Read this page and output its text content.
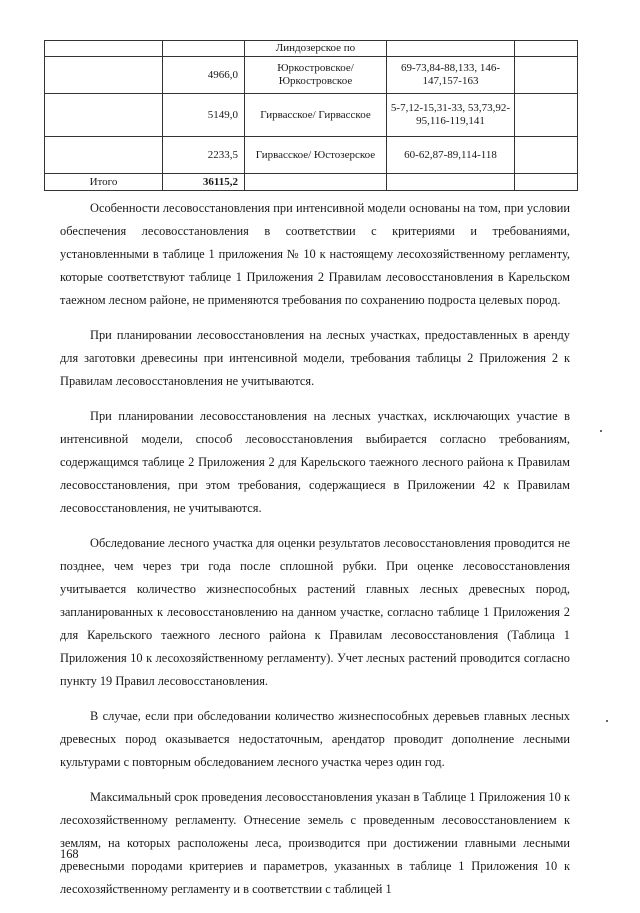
		Линдозерское по		
	4966,0	Юркостровское/ Юркостровское	69-73,84-88,133, 146-147,157-163	
	5149,0	Гирвасское/ Гирвасское	5-7,12-15,31-33, 53,73,92-95,116-119,141	
	2233,5	Гирвасское/ Юстозерское	60-62,87-89,114-118	
Итого	36115,2			

Особенности лесовосстановления при интенсивной модели основаны на том, при условии обеспечения лесовосстановления в соответствии с критериями и требованиями, установленными в таблице 1 приложения № 10 к настоящему лесохозяйственному регламенту, которые соответствуют таблице 1 Приложения 2 Правилам лесовосстановления в Карельском таежном лесном районе, не применяются требования по сохранению подроста целевых пород.

При планировании лесовосстановления на лесных участках, предоставленных в аренду для заготовки древесины при интенсивной модели, требования таблицы 2 Приложения 2 к Правилам лесовосстановления не учитываются.

При планировании лесовосстановления на лесных участках, исключающих участие в интенсивной модели, способ лесовосстановления выбирается согласно требованиям, содержащимся таблице 2 Приложения 2 для Карельского таежного лесного района к Правилам лесовосстановления, при этом требования, содержащиеся в Приложении 42 к Правилам лесовосстановления, не учитываются.

Обследование лесного участка для оценки результатов лесовосстановления проводится не позднее, чем через три года после сплошной рубки. При оценке лесовосстановления учитывается количество жизнеспособных растений главных лесных древесных пород, запланированных к лесовосстановлению на данном участке, согласно таблице 1 Приложения 2 для Карельского таежного лесного района к Правилам лесовосстановления (Таблица 1 Приложения 10 к лесохозяйственному регламенту). Учет лесных растений проводится согласно пункту 19 Правил лесовосстановления.

В случае, если при обследовании количество жизнеспособных деревьев главных лесных древесных пород оказывается недостаточным, арендатор проводит дополнение лесными культурами с повторным обследованием лесного участка через один год.

Максимальный срок проведения лесовосстановления указан в Таблице 1 Приложения 10 к лесохозяйственному регламенту. Отнесение земель с проведенным лесовосстановлением к землям, на которых расположены леса, производится при достижении главными лесными древесными породами критериев и параметров, указанных в таблице 1 Приложения 10 к лесохозяйственному регламенту и в соответствии с таблицей 1

168
